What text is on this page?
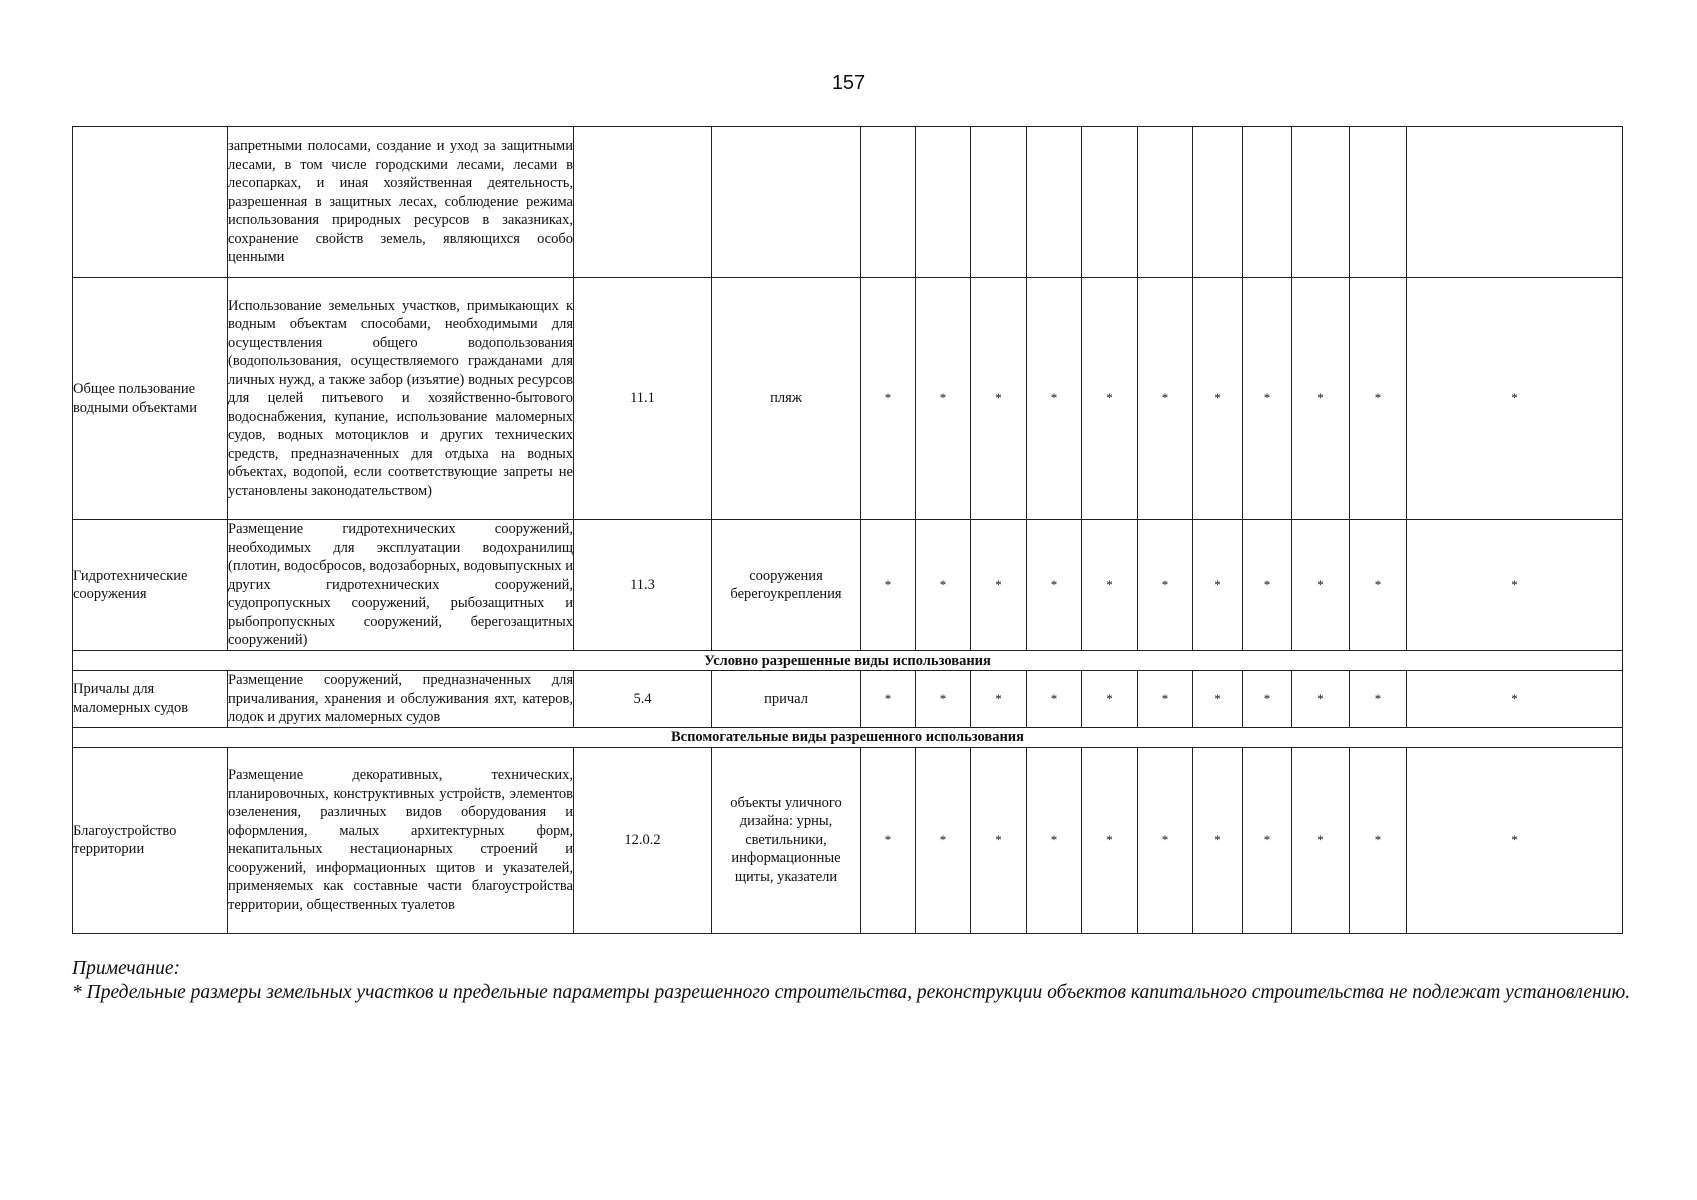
157
	запретными полосами, создание и уход за защитными лесами, в том числе городскими лесами, лесами в лесопарках, и иная хозяйственная деятельность, разрешенная в защитных лесах, соблюдение режима использования природных ресурсов в заказниках, сохранение свойств земель, являющихся особо ценными													
Общее пользование водными объектами	Использование земельных участков, примыкающих к водным объектам способами, необходимыми для осуществления общего водопользования (водопользования, осуществляемого гражданами для личных нужд, а также забор (изъятие) водных ресурсов для целей питьевого и хозяйственно-бытового водоснабжения, купание, использование маломерных судов, водных мотоциклов и других технических средств, предназначенных для отдыха на водных объектах, водопой, если соответствующие запреты не установлены законодательством)	11.1	пляж	*	*	*	*	*	*	*	*	*	*	*
Гидротехнические сооружения	Размещение гидротехнических сооружений, необходимых для эксплуатации водохранилищ (плотин, водосбросов, водозаборных, водовыпускных и других гидротехнических сооружений, судопропускных сооружений, рыбозащитных и рыбопропускных сооружений, берегозащитных сооружений)	11.3	сооружения берегоукрепления	*	*	*	*	*	*	*	*	*	*	*
Условно разрешенные виды использования														
Причалы для маломерных судов	Размещение сооружений, предназначенных для причаливания, хранения и обслуживания яхт, катеров, лодок и других маломерных судов	5.4	причал	*	*	*	*	*	*	*	*	*	*	*
Вспомогательные виды разрешенного использования														
Благоустройство территории	Размещение декоративных, технических, планировочных, конструктивных устройств, элементов озеленения, различных видов оборудования и оформления, малых архитектурных форм, некапитальных нестационарных строений и сооружений, информационных щитов и указателей, применяемых как составные части благоустройства территории, общественных туалетов	12.0.2	объекты уличного дизайна: урны, светильники, информационные щиты, указатели	*	*	*	*	*	*	*	*	*	*	*
Примечание:
* Предельные размеры земельных участков и предельные параметры разрешенного строительства, реконструкции объектов капитального строительства не подлежат установлению.
